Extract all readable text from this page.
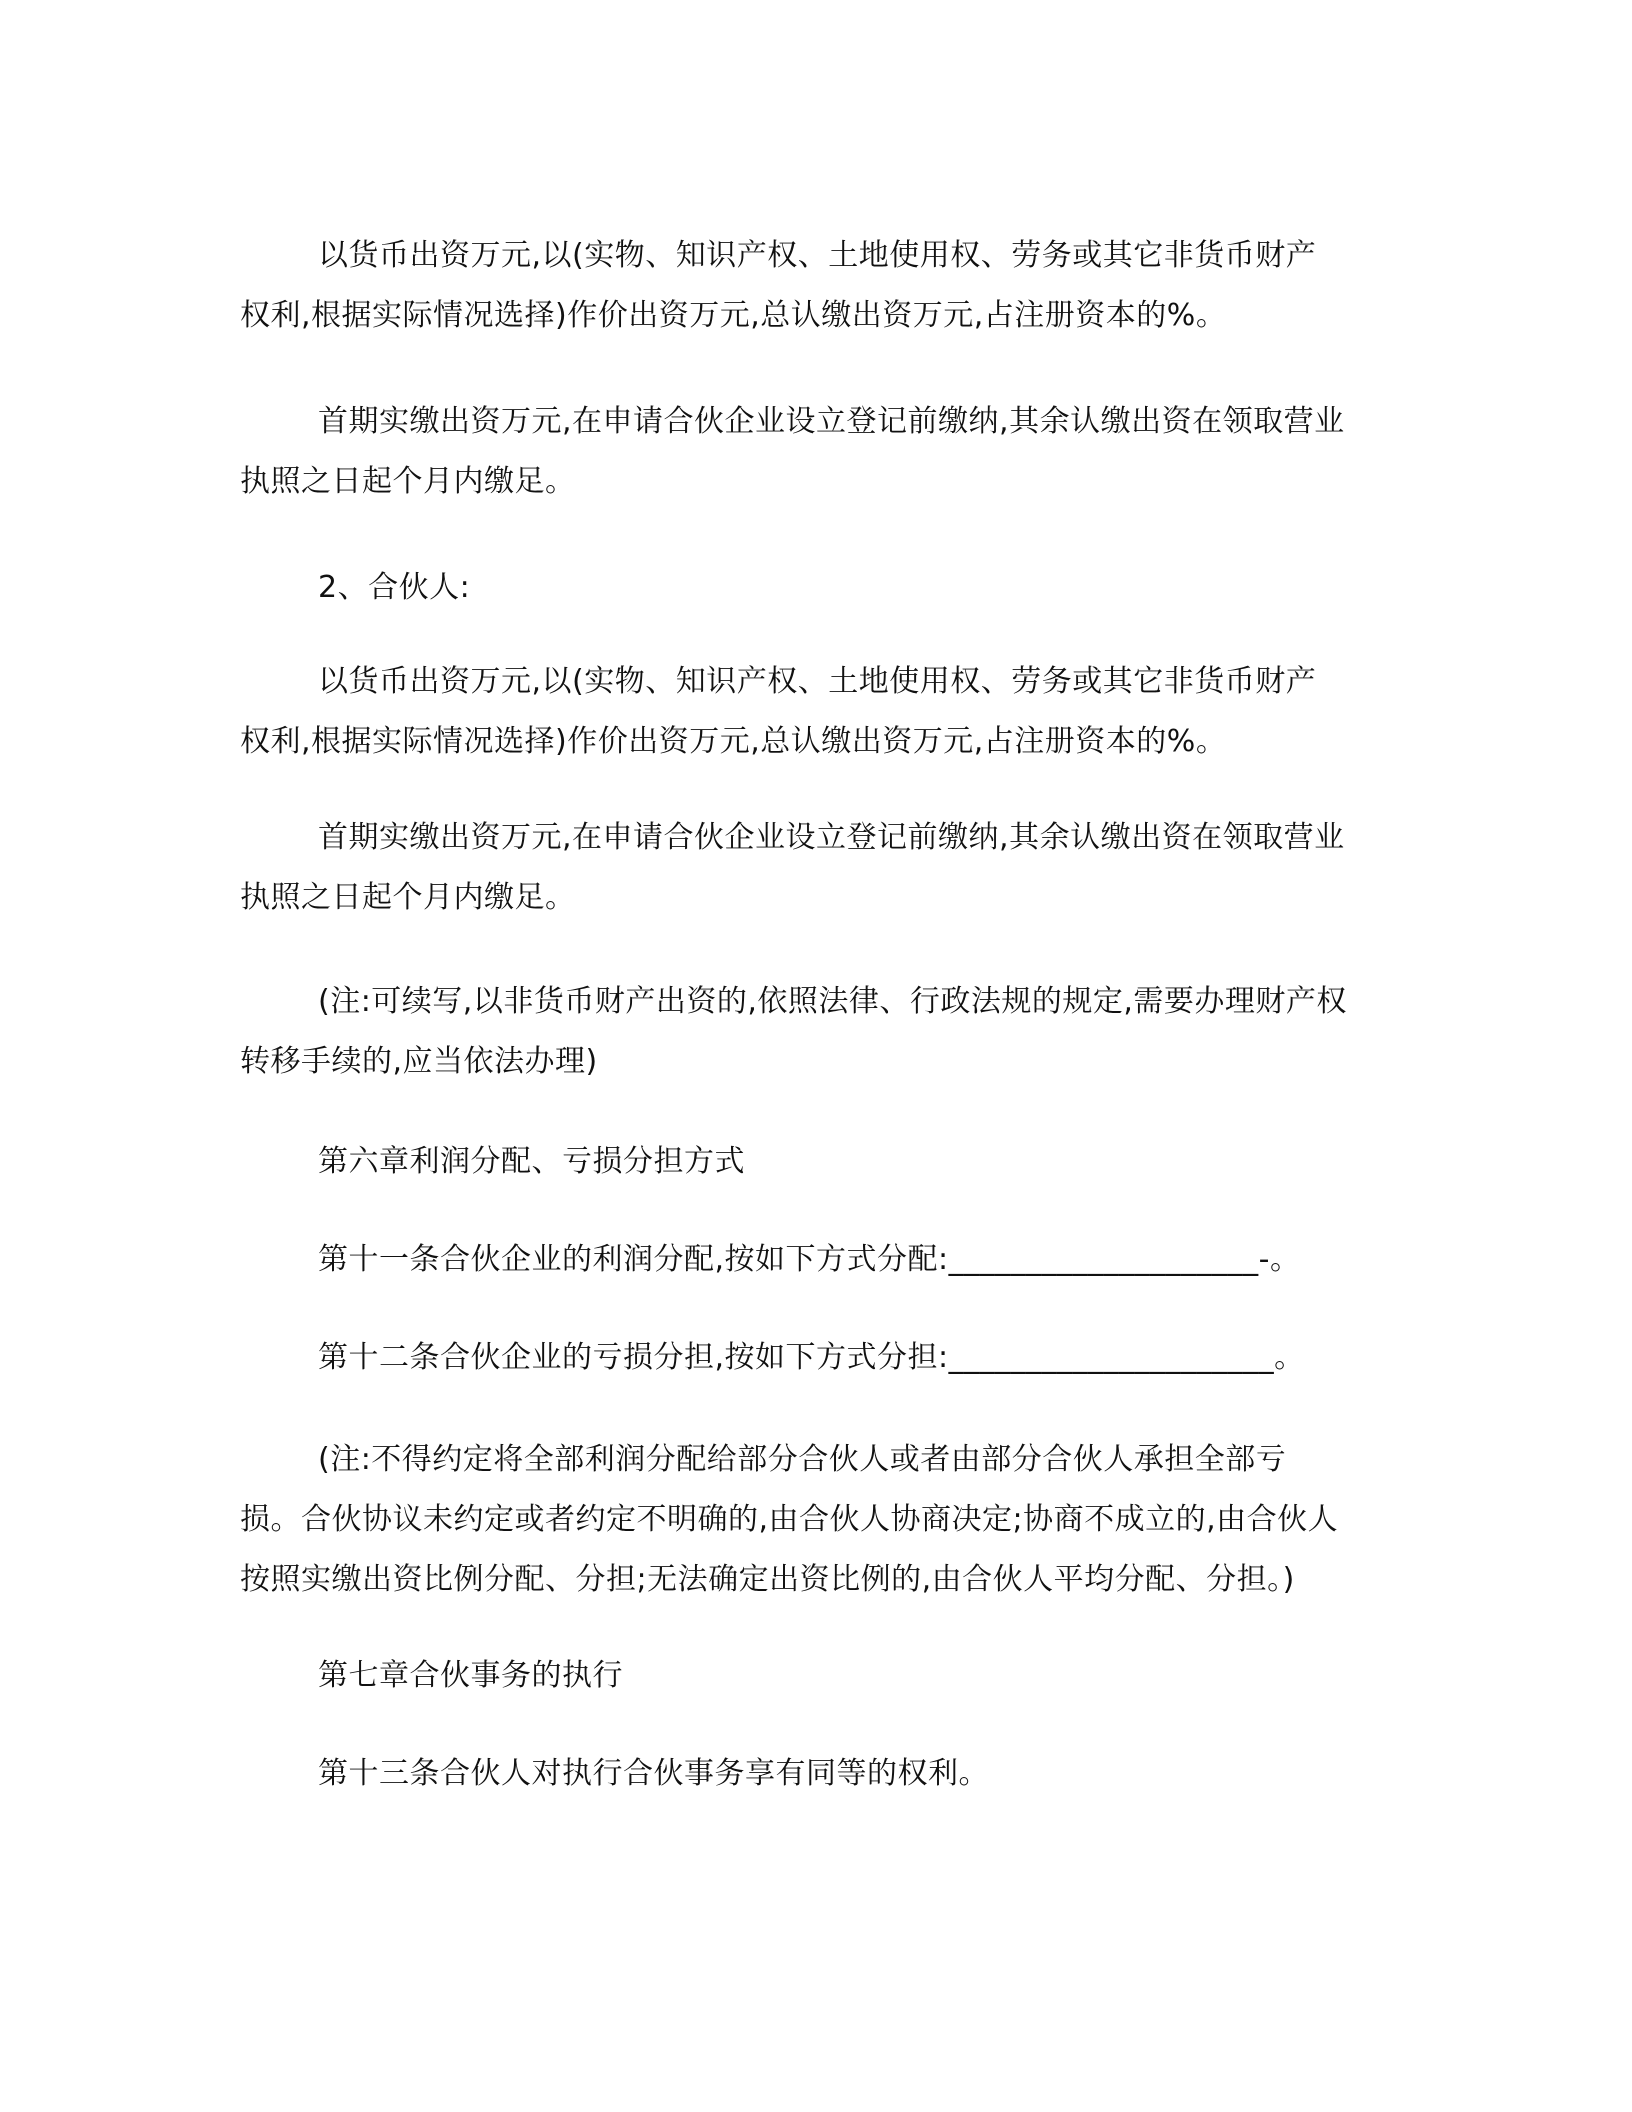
以货币出资万元,以(实物、知识产权、土地使用权、劳务或其它非货币财产
权利,根据实际情况选择)作价出资万元,总认缴出资万元,占注册资本的%。
首期实缴出资万元,在申请合伙企业设立登记前缴纳,其余认缴出资在领取营业
执照之日起个月内缴足。
2、合伙人:
以货币出资万元,以(实物、知识产权、土地使用权、劳务或其它非货币财产
权利,根据实际情况选择)作价出资万元,总认缴出资万元,占注册资本的%。
首期实缴出资万元,在申请合伙企业设立登记前缴纳,其余认缴出资在领取营业
执照之日起个月内缴足。
(注:可续写,以非货币财产出资的,依照法律、行政法规的规定,需要办理财产权
转移手续的,应当依法办理)
第六章利润分配、亏损分担方式
第十一条合伙企业的利润分配,按如下方式分配:____________________-。
第十二条合伙企业的亏损分担,按如下方式分担:_____________________。
(注:不得约定将全部利润分配给部分合伙人或者由部分合伙人承担全部亏
损。合伙协议未约定或者约定不明确的,由合伙人协商决定;协商不成立的,由合伙人
按照实缴出资比例分配、分担;无法确定出资比例的,由合伙人平均分配、分担。)
第七章合伙事务的执行
第十三条合伙人对执行合伙事务享有同等的权利。
